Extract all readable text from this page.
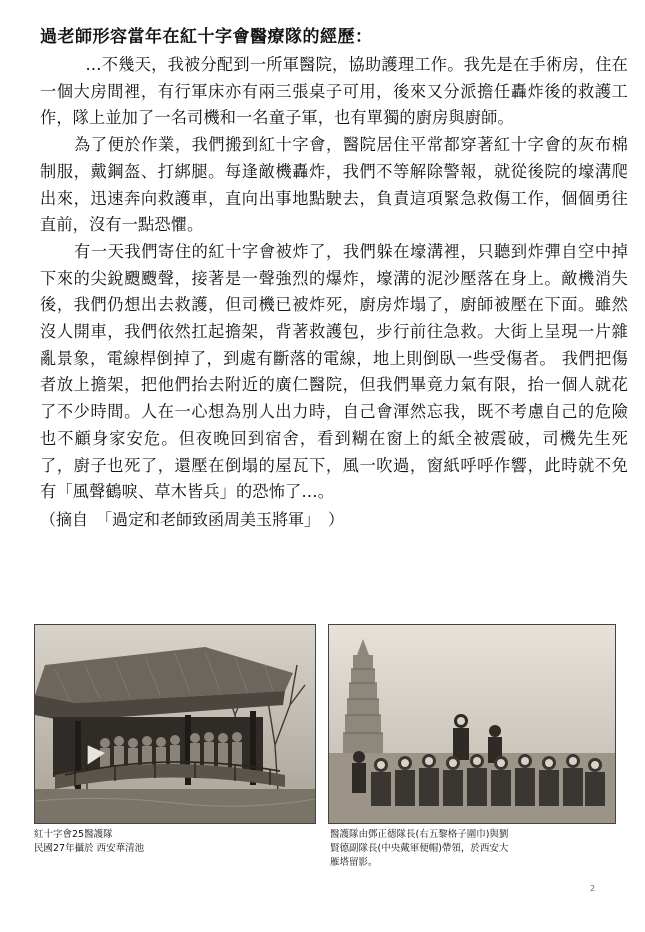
過老師形容當年在紅十字會醫療隊的經歷：

…不幾天，我被分配到一所軍醫院，協助護理工作。我先是在手術房，住在一個大房間裡，有行軍床亦有兩三張桌子可用，後來又分派擔任轟炸後的救護工作，隊上並加了一名司機和一名童子軍，也有單獨的廚房與廚師。

為了便於作業，我們搬到紅十字會，醫院居住平常都穿著紅十字會的灰布棉制服，戴鋼盔、打綁腿。每逢敵機轟炸，我們不等解除警報，就從後院的壕溝爬出來，迅速奔向救護車，直向出事地點駛去，負責這項緊急救傷工作，個個勇往直前，沒有一點恐懼。

有一天我們寄住的紅十字會被炸了，我們躲在壕溝裡，只聽到炸彈自空中掉下來的尖銳颼颼聲，接著是一聲強烈的爆炸，壕溝的泥沙壓落在身上。敵機消失後，我們仍想出去救護，但司機已被炸死，廚房炸塌了，廚師被壓在下面。雖然沒人開車，我們依然扛起擔架，背著救護包，步行前往急救。大街上呈現一片雜亂景象，電線桿倒掉了，到處有斷落的電線，地上則倒臥一些受傷者。 我們把傷者放上擔架，把他們抬去附近的廣仁醫院，但我們畢竟力氣有限，抬一個人就花了不少時間。人在一心想為別人出力時，自己會渾然忘我，既不考慮自己的危險也不顧身家安危。但夜晚回到宿舍，看到糊在窗上的紙全被震破，司機先生死了，廚子也死了，還壓在倒塌的屋瓦下，風一吹過，窗紙呼呼作響，此時就不免有「風聲鶴唳、草木皆兵」的恐怖了…。

（摘自　「過定和老師致函周美玉將軍」　）

紅十字會25醫護隊
民國27年攝於 西安華清池
醫護隊由鄧正德隊長(右五黎格子圍巾)與劉
賢德副隊長(中央戴軍便帽)帶領，於西安大
雁塔留影。
2
